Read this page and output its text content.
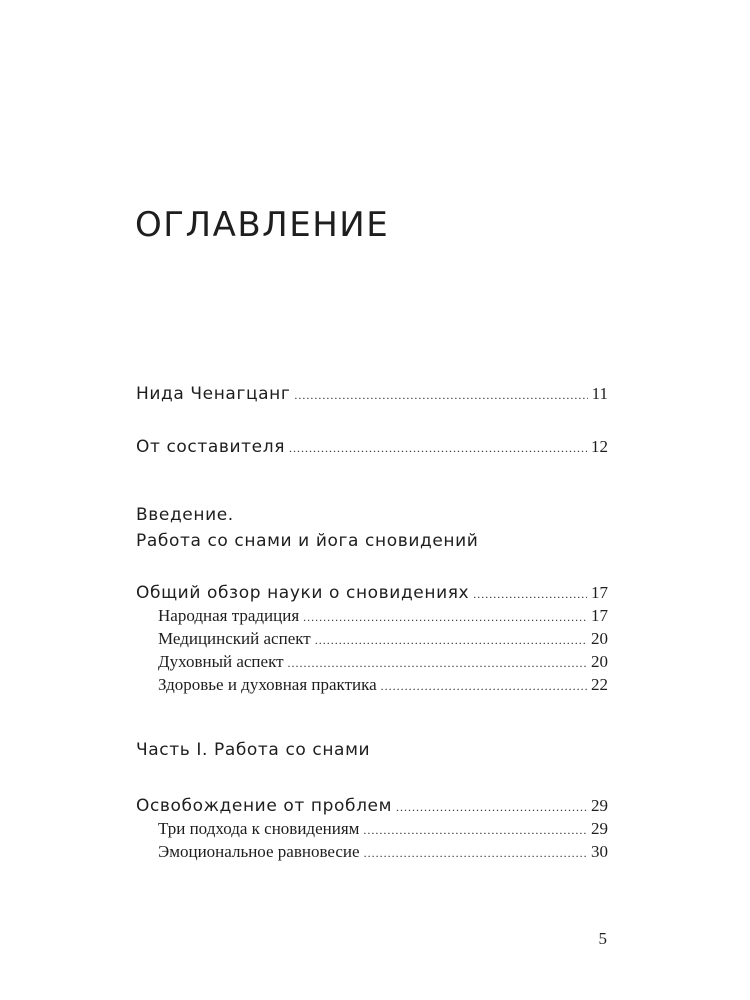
ОГЛАВЛЕНИЕ
Нида Ченагцанг .....	11
От составителя .....	12
Введение.
Работа со снами и йога сновидений
Общий обзор науки о сновидениях .....	17
Народная традиция .....	17
Медицинский аспект .....	20
Духовный аспект .....	20
Здоровье и духовная практика .....	22
Часть I. Работа со снами
Освобождение от проблем .....	29
Три подхода к сновидениям .....	29
Эмоциональное равновесие .....	30
5
